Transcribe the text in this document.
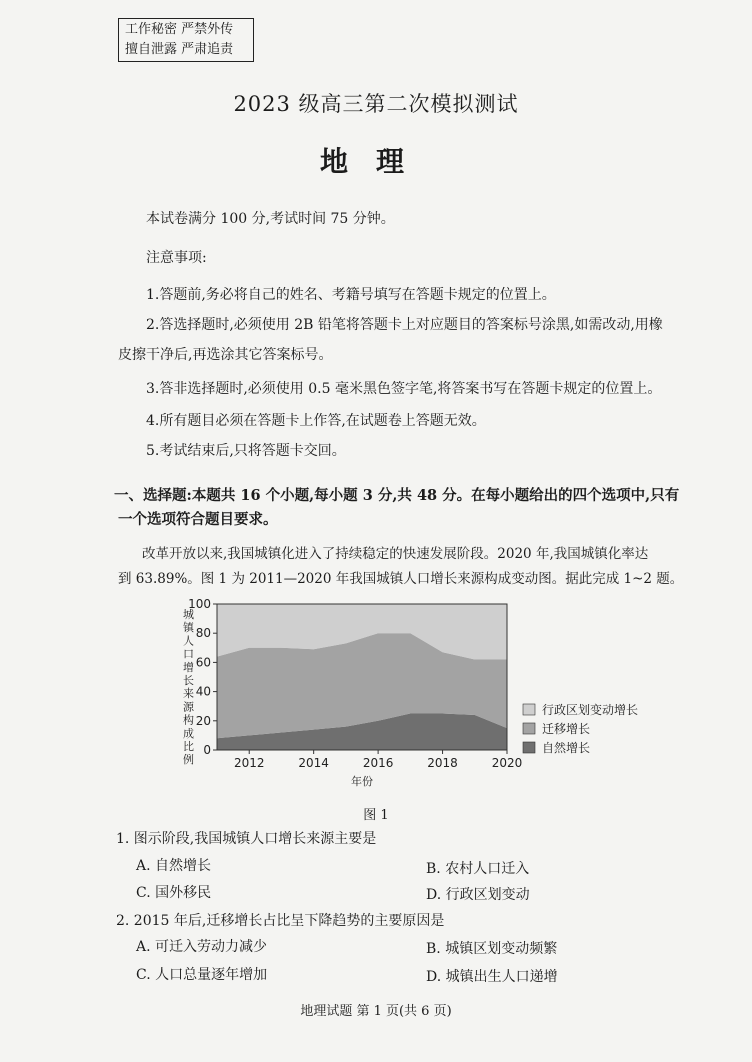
工作秘密 严禁外传
擅自泄露 严肃追责
2023 级高三第二次模拟测试
地理
本试卷满分 100 分,考试时间 75 分钟。
注意事项:
1.答题前,务必将自己的姓名、考籍号填写在答题卡规定的位置上。
2.答选择题时,必须使用 2B 铅笔将答题卡上对应题目的答案标号涂黑,如需改动,用橡
皮擦干净后,再选涂其它答案标号。
3.答非选择题时,必须使用 0.5 毫米黑色签字笔,将答案书写在答题卡规定的位置上。
4.所有题目必须在答题卡上作答,在试题卷上答题无效。
5.考试结束后,只将答题卡交回。
一、选择题:本题共 16 个小题,每小题 3 分,共 48 分。在每小题给出的四个选项中,只有
一个选项符合题目要求。
改革开放以来,我国城镇化进入了持续稳定的快速发展阶段。2020 年,我国城镇化率达
到 63.89%。图 1 为 2011—2020 年我国城镇人口增长来源构成变动图。据此完成 1~2 题。
0
20
40
60
80
100
2012	2014	2016	2018	2020
城镇人口增长来源构成比例
年份
行政区划变动增长
迁移增长
自然增长
图 1
1. 图示阶段,我国城镇人口增长来源主要是
A. 自然增长	B. 农村人口迁入
C. 国外移民	D. 行政区划变动
2. 2015 年后,迁移增长占比呈下降趋势的主要原因是
A. 可迁入劳动力减少	B. 城镇区划变动频繁
C. 人口总量逐年增加	D. 城镇出生人口递增
地理试题 第 1 页(共 6 页)
